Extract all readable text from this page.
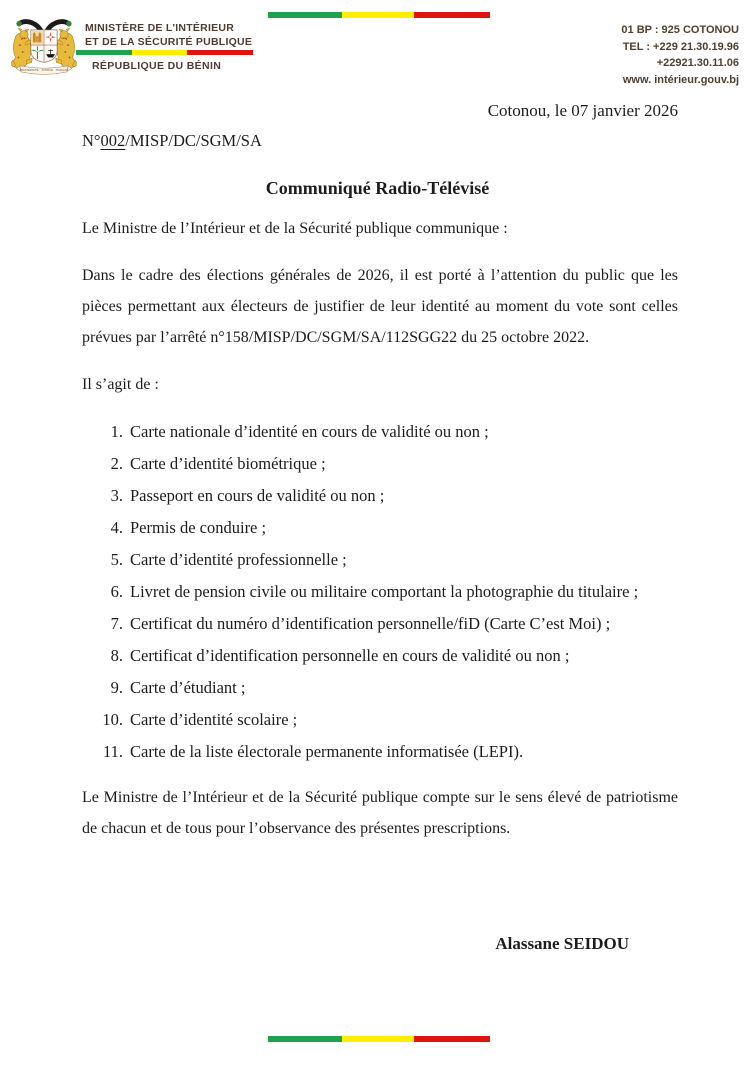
FRATERNITÉ · JUSTICE · TRAVAIL
MINISTÈRE DE L'INTÉRIEUR
ET DE LA SÉCURITÉ PUBLIQUE
RÉPUBLIQUE DU BÉNIN
01 BP : 925 COTONOU
TEL : +229 21.30.19.96
+22921.30.11.06
www. intérieur.gouv.bj
Cotonou, le 07 janvier 2026
N°002/MISP/DC/SGM/SA
Communiqué Radio-Télévisé

Le Ministre de l’Intérieur et de la Sécurité publique communique :

Dans le cadre des élections générales de 2026, il est porté à l’attention du public que les pièces permettant aux électeurs de justifier de leur identité au moment du vote sont celles prévues par l’arrêté n°158/MISP/DC/SGM/SA/112SGG22 du 25 octobre 2022.

Il s’agit de :

1. Carte nationale d’identité en cours de validité ou non ;
2. Carte d’identité biométrique ;
3. Passeport en cours de validité ou non ;
4. Permis de conduire ;
5. Carte d’identité professionnelle ;
6. Livret de pension civile ou militaire comportant la photographie du titulaire ;
7. Certificat du numéro d’identification personnelle/fiD (Carte C’est Moi) ;
8. Certificat d’identification personnelle en cours de validité ou non ;
9. Carte d’étudiant ;
10. Carte d’identité scolaire ;
11. Carte de la liste électorale permanente informatisée (LEPI).

Le Ministre de l’Intérieur et de la Sécurité publique compte sur le sens élevé de patriotisme de chacun et de tous pour l’observance des présentes prescriptions.

Alassane SEIDOU
